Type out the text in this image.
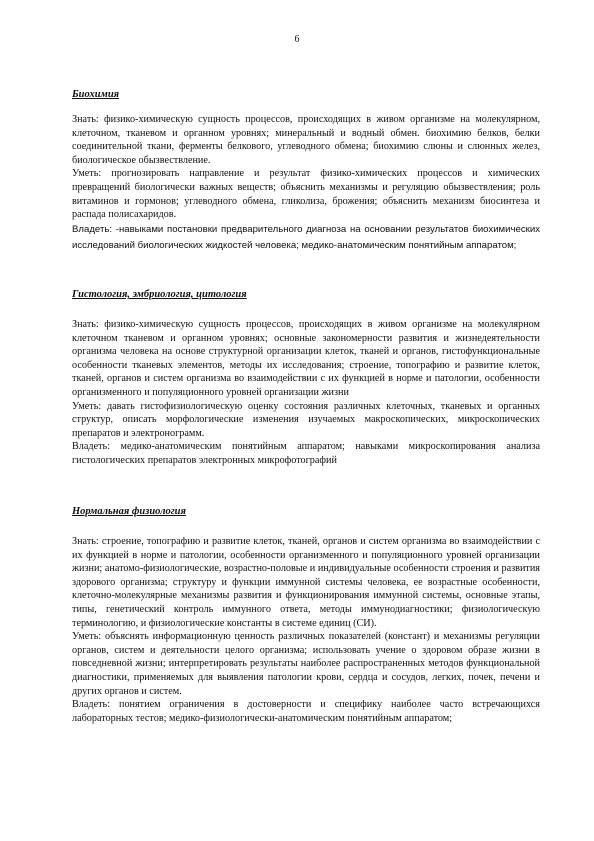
6

Биохимия

Знать: физико-химическую сущность процессов, происходящих в живом организме на молекулярном, клеточном, тканевом и органном уровнях; минеральный и водный обмен. биохимию белков, белки соединительной ткани, ферменты белкового, углеводного обмена; биохимию слюны и слюнных желез, биологическое обызвествление.

Уметь: прогнозировать направление и результат физико-химических процессов и химических превращений биологически важных веществ; объяснить механизмы и регуляцию обызвествления; роль витаминов и гормонов; углеводного обмена, гликолиза, брожения; объяснить механизм биосинтеза и распада полисахаридов.

Владеть: -навыками постановки предварительного диагноза на основании результатов биохимических исследований биологических жидкостей человека; медико-анатомическим понятийным аппаратом;

Гистология, эмбриология, цитология

Знать: физико-химическую сущность процессов, происходящих в живом организме на молекулярном клеточном тканевом и органном уровнях; основные закономерности развития и жизнедеятельности организма человека на основе структурной организации клеток, тканей и органов, гистофункциональные особенности тканевых элементов, методы их исследования; строение, топографию и развитие клеток, тканей, органов и систем организма во взаимодействии с их функцией в норме и патологии, особенности организменного и популяционного уровней организации жизни

Уметь: давать гистофизиологическую оценку состояния различных клеточных, тканевых и органных структур, описать морфологические изменения изучаемых макроскопических, микроскопических препаратов и электронограмм.

Владеть: медико-анатомическим понятийным аппаратом; навыками микроскопирования анализа гистологических препаратов электронных микрофотографий

Нормальная физиология

Знать: строение, топографию и развитие клеток, тканей, органов и систем организма во взаимодействии с их функцией в норме и патологии, особенности организменного и популяционного уровней организации жизни; анатомо-физиологические, возрастно-половые и индивидуальные особенности строения и развития здорового организма; структуру и функции иммунной системы человека, ее возрастные особенности, клеточно-молекулярные механизмы развития и функционирования иммунной системы, основные этапы, типы, генетический контроль иммунного ответа, методы иммунодиагностики; физиологическую терминологию, и физиологические константы в системе единиц (СИ).

Уметь: объяснять информационную ценность различных показателей (констант) и механизмы регуляции органов, систем и деятельности целого организма; использовать учение о здоровом образе жизни в повседневной жизни; интерпретировать результаты наиболее распространенных методов функциональной диагностики, применяемых для выявления патологии крови, сердца и сосудов, легких, почек, печени и других органов и систем.

Владеть: понятием ограничения в достоверности и специфику наиболее часто встречающихся лабораторных тестов; медико-физиологически-анатомическим понятийным аппаратом;
